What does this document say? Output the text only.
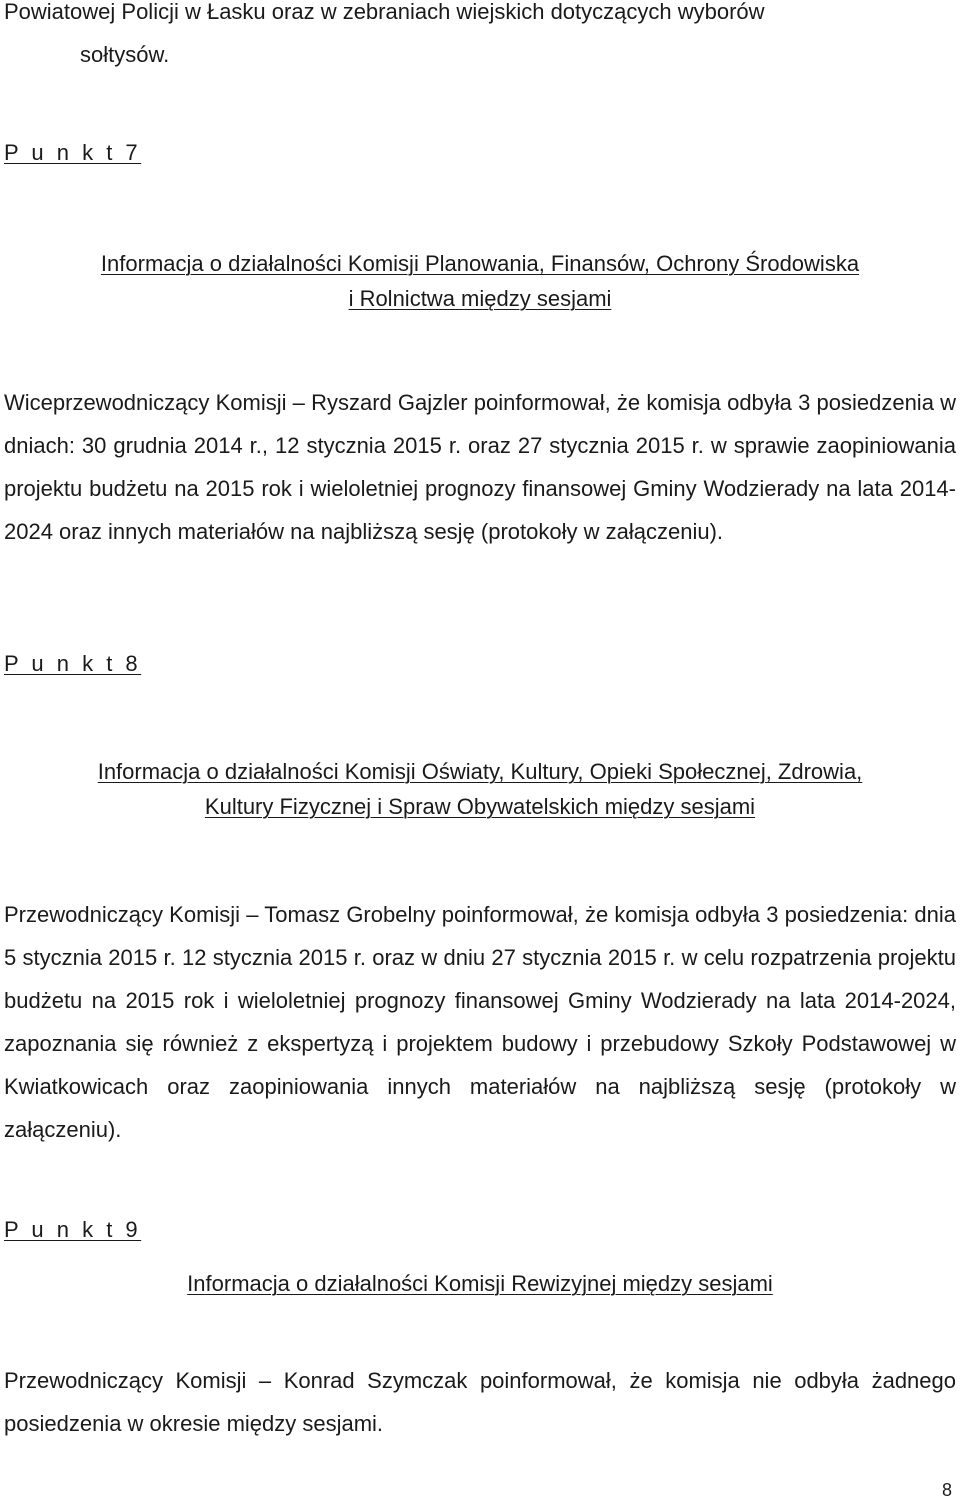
Powiatowej Policji w Łasku oraz w zebraniach wiejskich dotyczących wyborów
sołtysów.

P u n k t 7

Informacja o działalności Komisji Planowania, Finansów, Ochrony Środowiska
i Rolnictwa między sesjami

Wiceprzewodniczący Komisji – Ryszard Gajzler poinformował, że komisja odbyła 3 posiedzenia w dniach: 30 grudnia 2014 r., 12 stycznia 2015 r. oraz 27 stycznia 2015 r. w sprawie zaopiniowania projektu budżetu na 2015 rok i wieloletniej prognozy finansowej Gminy Wodzierady na lata 2014-2024 oraz innych materiałów na najbliższą sesję (protokoły w załączeniu).

P u n k t 8

Informacja o działalności Komisji Oświaty, Kultury, Opieki Społecznej, Zdrowia,
Kultury Fizycznej i Spraw Obywatelskich między sesjami

Przewodniczący Komisji – Tomasz Grobelny poinformował, że komisja odbyła 3 posiedzenia: dnia 5 stycznia 2015 r. 12 stycznia 2015 r. oraz w dniu 27 stycznia 2015 r. w celu rozpatrzenia projektu budżetu na 2015 rok i wieloletniej prognozy finansowej Gminy Wodzierady na lata 2014-2024, zapoznania się również z ekspertyzą i projektem budowy i przebudowy Szkoły Podstawowej w Kwiatkowicach oraz zaopiniowania innych materiałów na najbliższą sesję (protokoły w załączeniu).

P u n k t 9

Informacja o działalności Komisji Rewizyjnej między sesjami

Przewodniczący Komisji – Konrad Szymczak poinformował, że komisja nie odbyła żadnego posiedzenia w okresie między sesjami.

8
